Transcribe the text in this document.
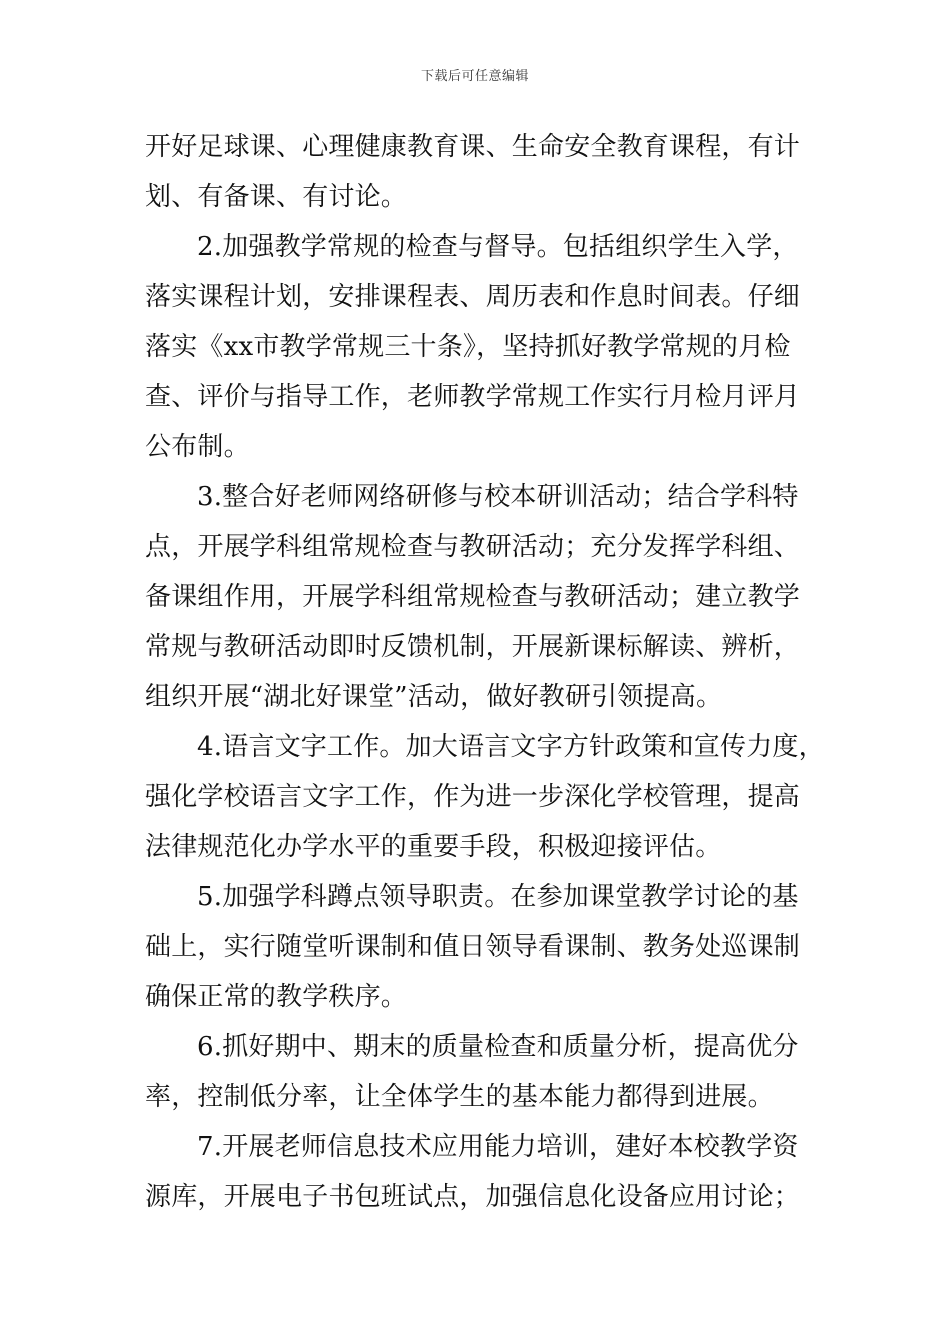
下载后可任意编辑
开好足球课、心理健康教育课、生命安全教育课程，有计
划、有备课、有讨论。
2.加强教学常规的检查与督导。包括组织学生入学，
落实课程计划，安排课程表、周历表和作息时间表。仔细
落实《xx市教学常规三十条》，坚持抓好教学常规的月检
查、评价与指导工作，老师教学常规工作实行月检月评月
公布制。
3.整合好老师网络研修与校本研训活动；结合学科特
点，开展学科组常规检查与教研活动；充分发挥学科组、
备课组作用，开展学科组常规检查与教研活动；建立教学
常规与教研活动即时反馈机制，开展新课标解读、辨析，
组织开展“湖北好课堂”活动，做好教研引领提高。
4.语言文字工作。加大语言文字方针政策和宣传力度，
强化学校语言文字工作，作为进一步深化学校管理，提高
法律规范化办学水平的重要手段，积极迎接评估。
5.加强学科蹲点领导职责。在参加课堂教学讨论的基
础上，实行随堂听课制和值日领导看课制、教务处巡课制
确保正常的教学秩序。
6.抓好期中、期末的质量检查和质量分析，提高优分
率，控制低分率，让全体学生的基本能力都得到进展。
7.开展老师信息技术应用能力培训，建好本校教学资
源库，开展电子书包班试点，加强信息化设备应用讨论；
